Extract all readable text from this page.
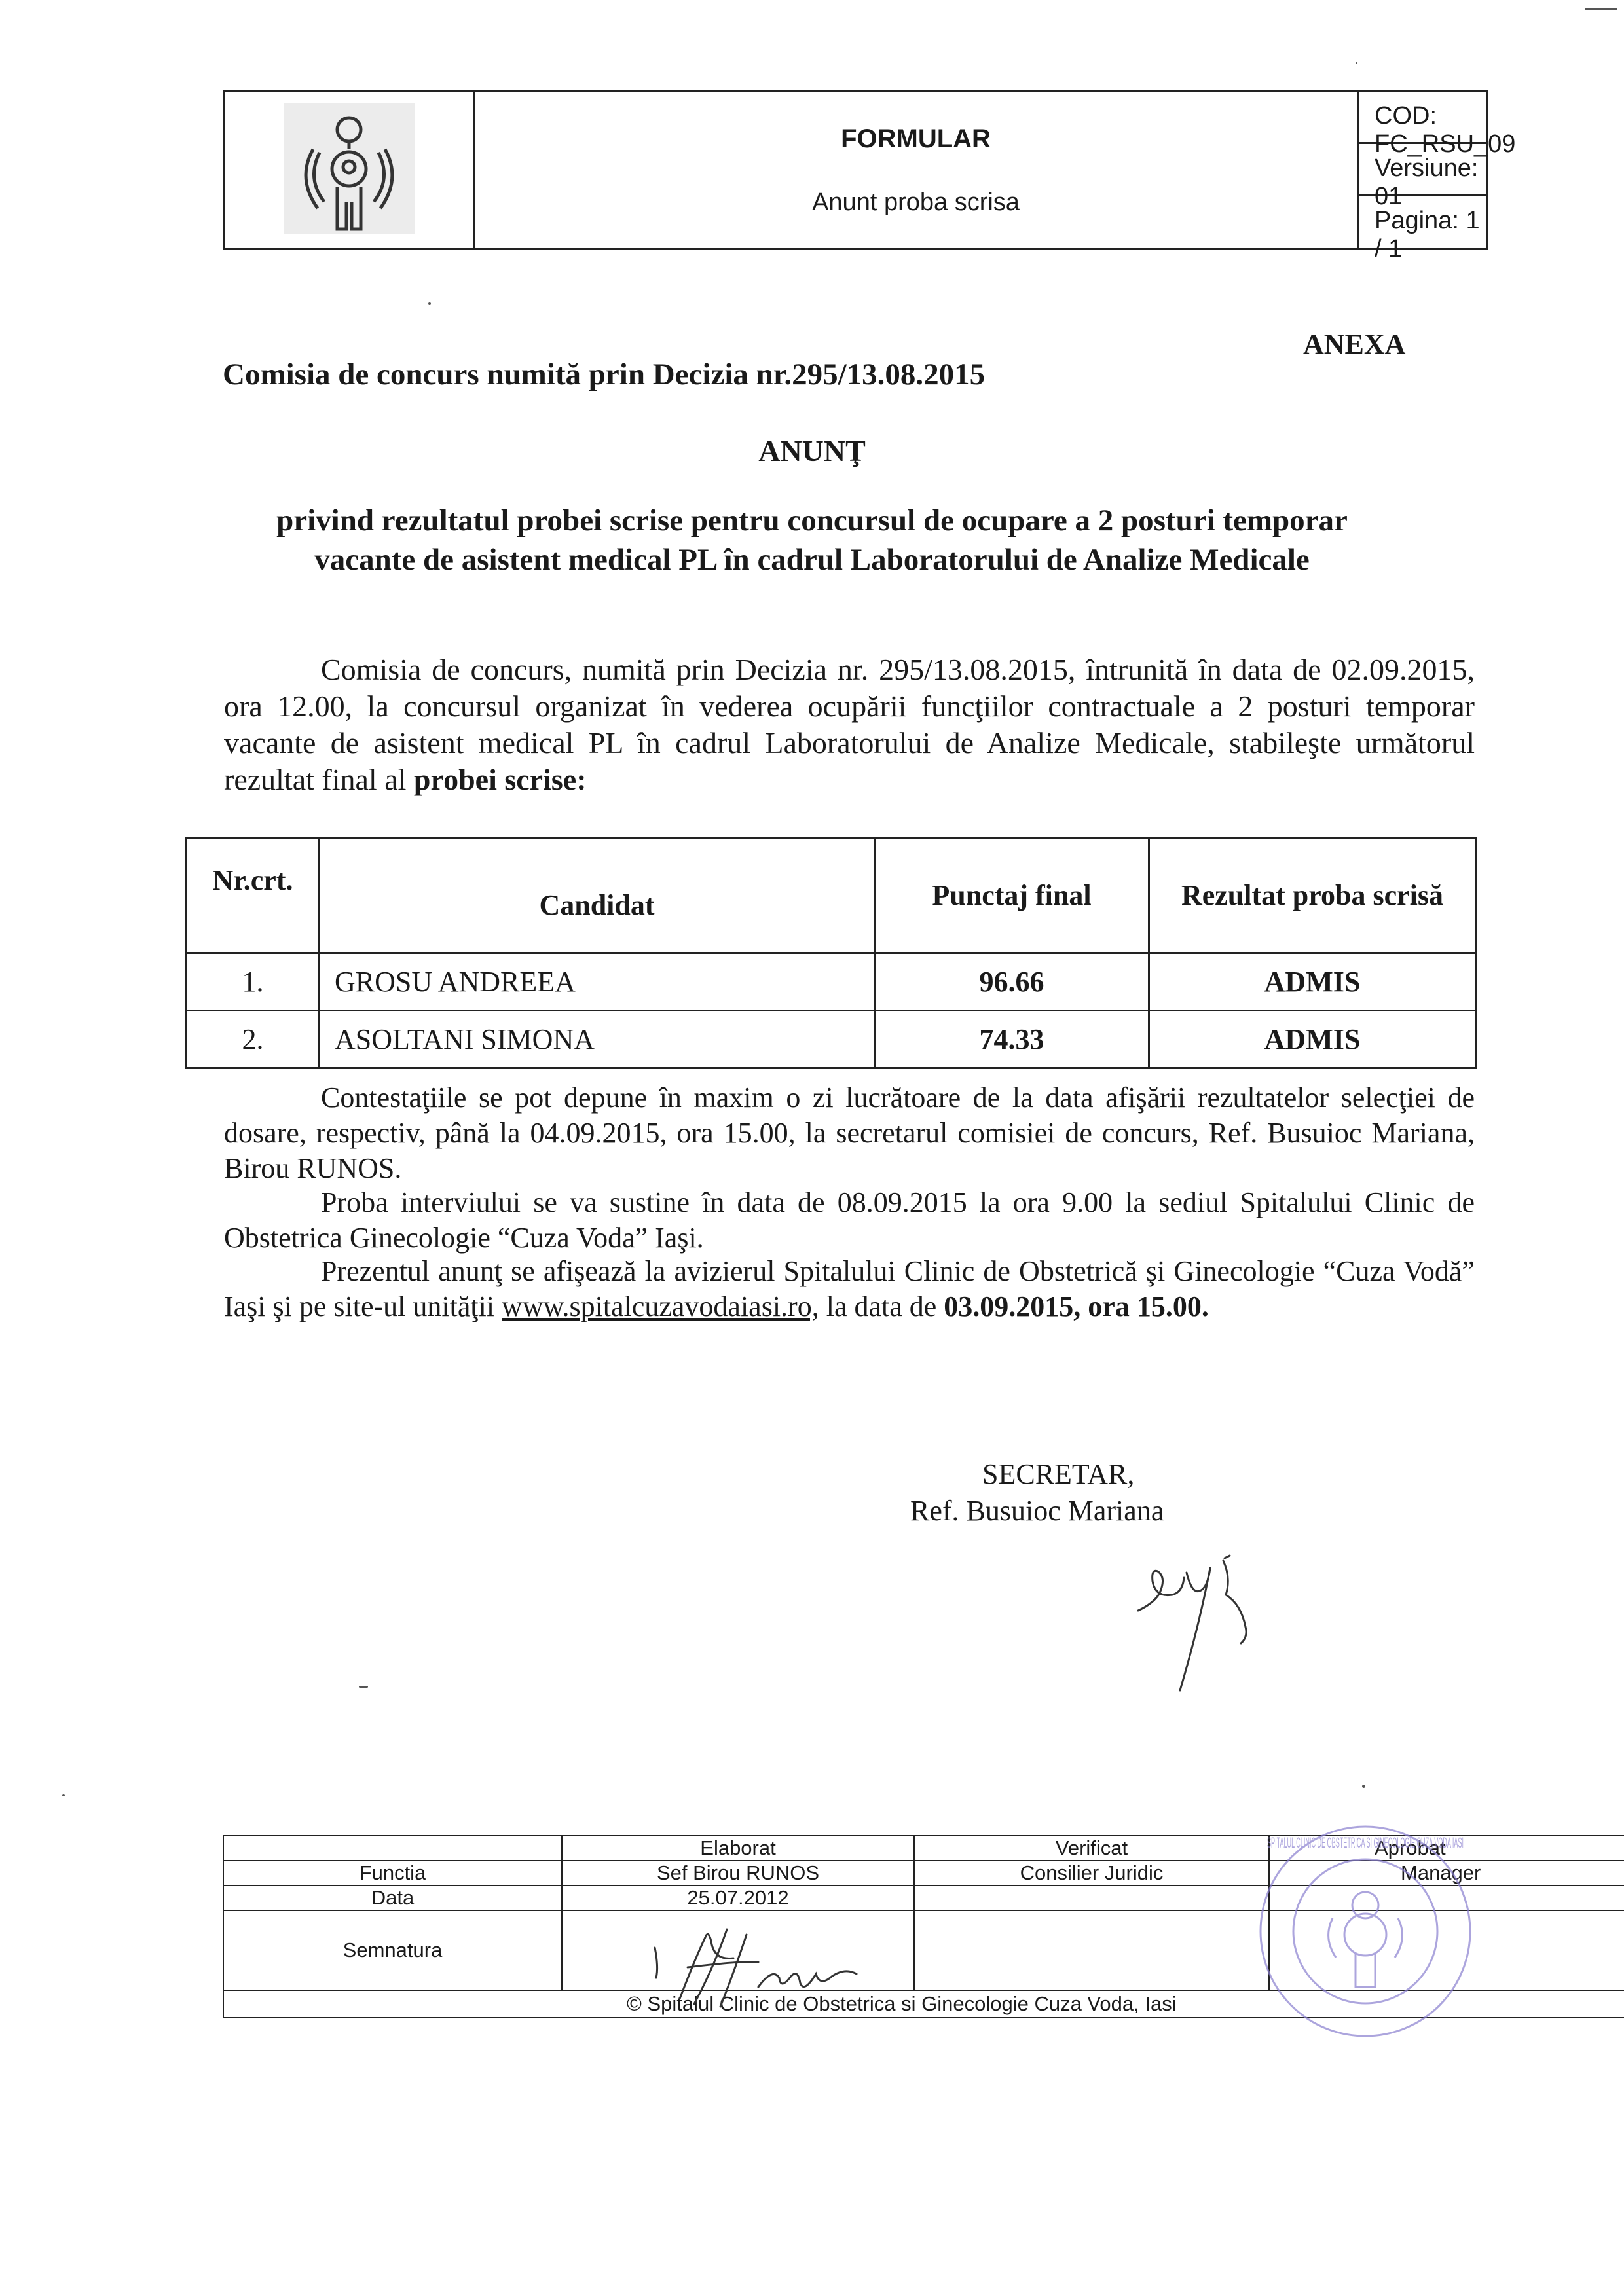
FORMULAR
Anunt proba scrisa
COD: FC_RSU_09
Versiune: 01
Pagina: 1 / 1
ANEXA
Comisia de concurs numită prin Decizia nr.295/13.08.2015
ANUNŢ
privind rezultatul probei scrise pentru concursul de ocupare a 2 posturi temporar
vacante de asistent medical PL în cadrul Laboratorului de Analize Medicale
Comisia de concurs, numită prin Decizia nr. 295/13.08.2015, întrunită în data de 02.09.2015, ora 12.00, la concursul organizat în vederea ocupării funcţiilor contractuale a 2 posturi temporar vacante de asistent medical PL în cadrul Laboratorului de Analize Medicale, stabileşte următorul rezultat final al probei scrise:
Nr.crt.	Candidat	Punctaj final	Rezultat proba scrisă
1.	GROSU ANDREEA	96.66	ADMIS
2.	ASOLTANI SIMONA	74.33	ADMIS
Contestaţiile se pot depune în maxim o zi lucrătoare de la data afişării rezultatelor selecţiei de dosare, respectiv, până la 04.09.2015, ora 15.00, la secretarul comisiei de concurs, Ref. Busuioc Mariana, Birou RUNOS.
Proba interviului se va sustine în data de 08.09.2015 la ora 9.00 la sediul Spitalului Clinic de Obstetrica Ginecologie “Cuza Voda” Iaşi.
Prezentul anunţ se afişează la avizierul Spitalului Clinic de Obstetrică şi Ginecologie “Cuza Vodă” Iaşi şi pe site-ul unităţii www.spitalcuzavodaiasi.ro, la data de 03.09.2015, ora 15.00.
SECRETAR,
Ref. Busuioc Mariana
	Elaborat	Verificat	Aprobat
Functia	Sef Birou RUNOS	Consilier Juridic	Manager
Data	25.07.2012		
Semnatura			
© Spitalul Clinic de Obstetrica si Ginecologie Cuza Voda, Iasi			
SPITALUL CLINIC DE OBSTETRICA SI GINECOLOGIE CUZA VODA IASI
